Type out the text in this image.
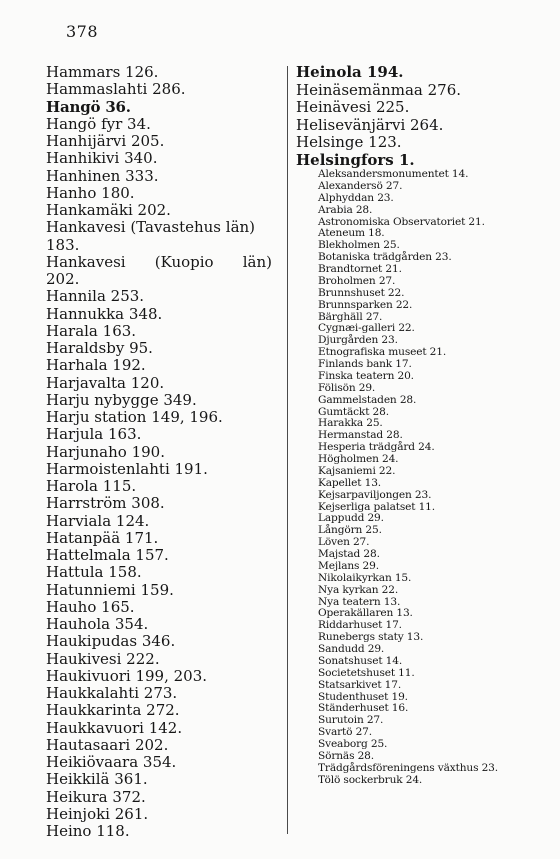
378
Hammars 126.
Hammaslahti 286.
Hangö 36.
Hangö fyr 34.
Hanhijärvi 205.
Hanhikivi 340.
Hanhinen 333.
Hanho 180.
Hankamäki 202.
Hankavesi (Tavastehus län)
183.
Hankavesi (Kuopio län)
202.
Hannila 253.
Hannukka 348.
Harala 163.
Haraldsby 95.
Harhala 192.
Harjavalta 120.
Harju nybygge 349.
Harju station 149, 196.
Harjula 163.
Harjunaho 190.
Harmoistenlahti 191.
Harola 115.
Harrström 308.
Harviala 124.
Hatanpää 171.
Hattelmala 157.
Hattula 158.
Hatunniemi 159.
Hauho 165.
Hauhola 354.
Haukipudas 346.
Haukivesi 222.
Haukivuori 199, 203.
Haukkalahti 273.
Haukkarinta 272.
Haukkavuori 142.
Hautasaari 202.
Heikiövaara 354.
Heikkilä 361.
Heikura 372.
Heinjoki 261.
Heino 118.
Heinola 194.
Heinäsemänmaa 276.
Heinävesi 225.
Helisevänjärvi 264.
Helsinge 123.
Helsingfors 1.
Aleksandersmonumentet 14.
Alexandersö 27.
Alphyddan 23.
Arabia 28.
Astronomiska Observatoriet 21.
Ateneum 18.
Blekholmen 25.
Botaniska trädgården 23.
Brandtornet 21.
Broholmen 27.
Brunnshuset 22.
Brunnsparken 22.
Bärghäll 27.
Cygnæi-galleri 22.
Djurgården 23.
Etnografiska museet 21.
Finlands bank 17.
Finska teatern 20.
Fölisön 29.
Gammelstaden 28.
Gumtäckt 28.
Harakka 25.
Hermanstad 28.
Hesperia trädgård 24.
Högholmen 24.
Kajsaniemi 22.
Kapellet 13.
Kejsarpaviljongen 23.
Kejserliga palatset 11.
Lappudd 29.
Långörn 25.
Löven 27.
Majstad 28.
Mejlans 29.
Nikolaikyrkan 15.
Nya kyrkan 22.
Nya teatern 13.
Operakällaren 13.
Riddarhuset 17.
Runebergs staty 13.
Sandudd 29.
Sonatshuset 14.
Societetshuset 11.
Statsarkivet 17.
Studenthuset 19.
Ständerhuset 16.
Surutoin 27.
Svartö 27.
Sveaborg 25.
Sörnäs 28.
Trädgårdsföreningens växthus 23.
Tölö sockerbruk 24.
